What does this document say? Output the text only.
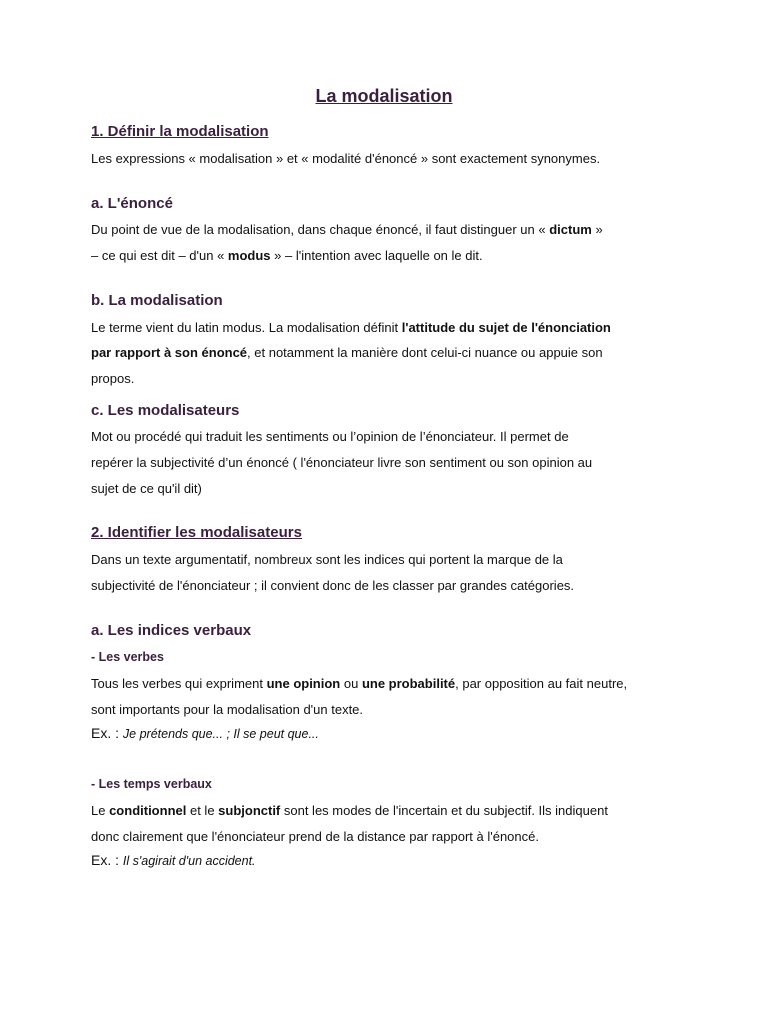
La modalisation
1. Définir la modalisation
Les expressions « modalisation » et « modalité d'énoncé » sont exactement synonymes.
a. L'énoncé
Du point de vue de la modalisation, dans chaque énoncé, il faut distinguer un « dictum »
– ce qui est dit – d'un « modus » – l'intention avec laquelle on le dit.
b. La modalisation
Le terme vient du latin modus. La modalisation définit l'attitude du sujet de l'énonciation
par rapport à son énoncé, et notamment la manière dont celui-ci nuance ou appuie son
propos.
c. Les modalisateurs
Mot ou procédé qui traduit les sentiments ou l’opinion de l’énonciateur. Il permet de
repérer la subjectivité d’un énoncé ( l'énonciateur livre son sentiment ou son opinion au
sujet de ce qu'il dit)
2. Identifier les modalisateurs
Dans un texte argumentatif, nombreux sont les indices qui portent la marque de la
subjectivité de l'énonciateur ; il convient donc de les classer par grandes catégories.
a. Les indices verbaux
- Les verbes
Tous les verbes qui expriment une opinion ou une probabilité, par opposition au fait neutre,
sont importants pour la modalisation d'un texte.
Ex. : Je prétends que... ; Il se peut que...
- Les temps verbaux
Le conditionnel et le subjonctif sont les modes de l'incertain et du subjectif. Ils indiquent
donc clairement que l'énonciateur prend de la distance par rapport à l'énoncé.
Ex. : Il s'agirait d'un accident.
